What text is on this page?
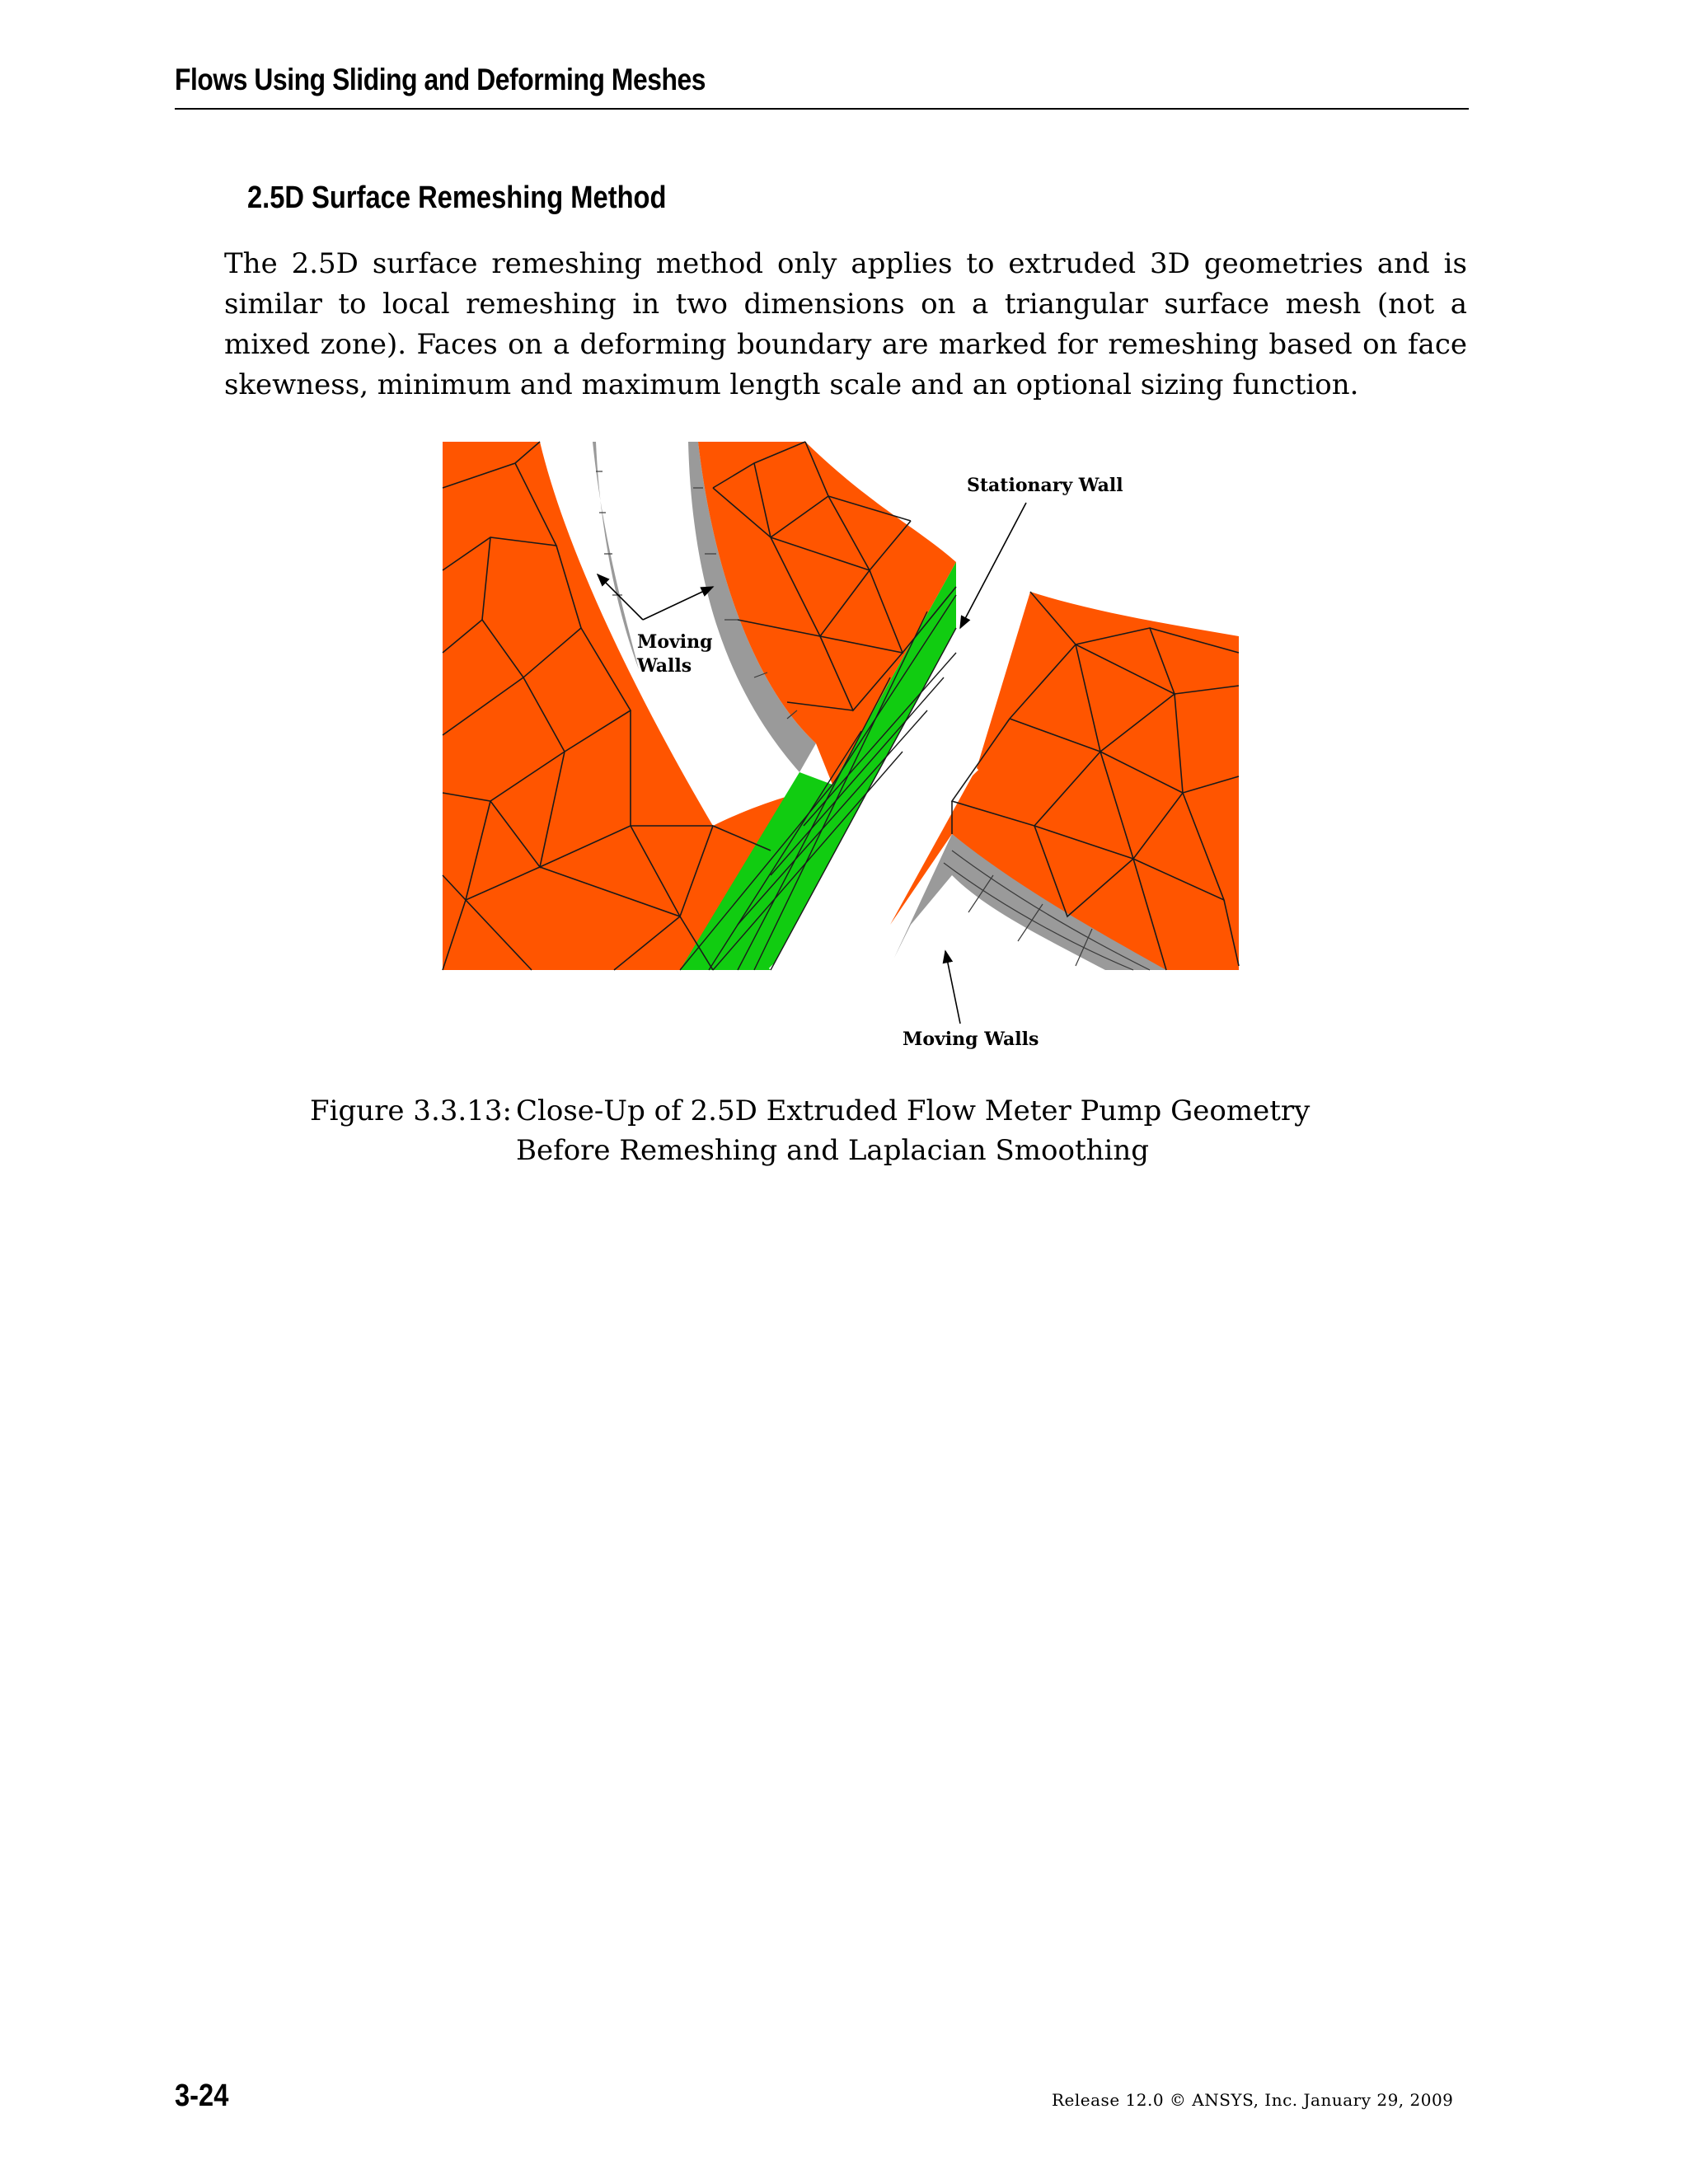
Flows Using Sliding and Deforming Meshes
2.5D Surface Remeshing Method

The 2.5D surface remeshing method only applies to extruded 3D geometries and is similar to local remeshing in two dimensions on a triangular surface mesh (not a mixed zone). Faces on a deforming boundary are marked for remeshing based on face skewness, minimum and maximum length scale and an optional sizing function.

Stationary Wall
Moving
Walls
Moving Walls
Figure 3.3.13: Close-Up of 2.5D Extruded Flow Meter Pump Geometry Before Remeshing and Laplacian Smoothing
3-24	Release 12.0 © ANSYS, Inc. January 29, 2009
